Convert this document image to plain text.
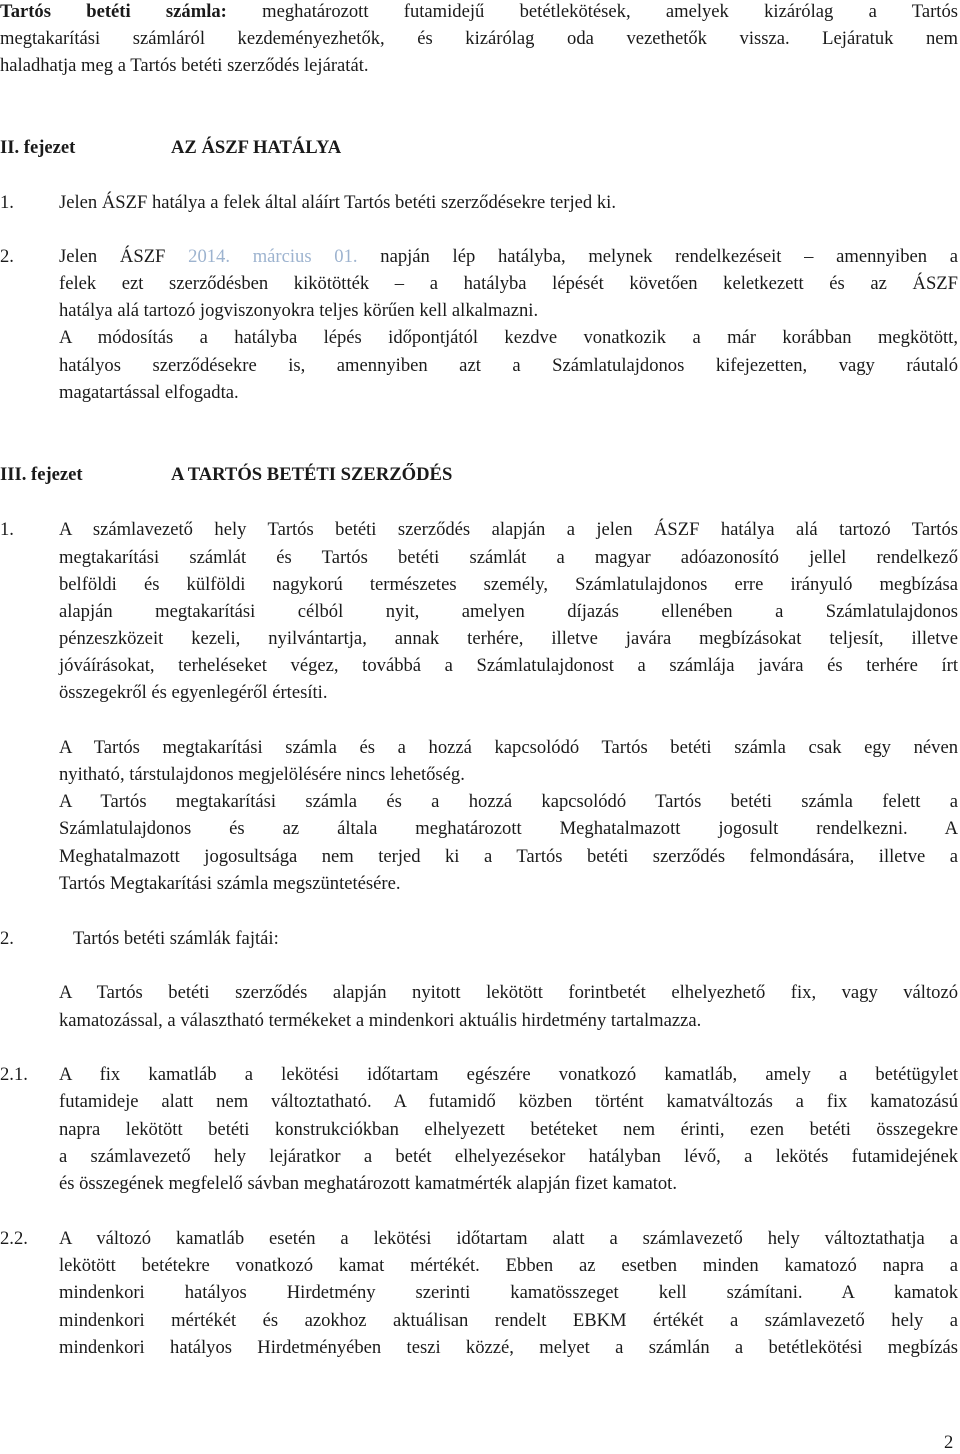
Tartós betéti számla: meghatározott futamidejű betétlekötések, amelyek kizárólag a Tartós
megtakarítási számláról kezdeményezhetők, és kizárólag oda vezethetők vissza. Lejáratuk nem
haladhatja meg a Tartós betéti szerződés lejáratát.
II. fejezet	AZ ÁSZF HATÁLYA
1. Jelen ÁSZF hatálya a felek által aláírt Tartós betéti szerződésekre terjed ki.
2. Jelen ÁSZF 2014. március 01. napján lép hatályba, melynek rendelkezéseit – amennyiben a
felek ezt szerződésben kikötötték – a hatályba lépését követően keletkezett és az ÁSZF
hatálya alá tartozó jogviszonyokra teljes körűen kell alkalmazni.
A módosítás a hatályba lépés időpontjától kezdve vonatkozik a már korábban megkötött,
hatályos szerződésekre is, amennyiben azt a Számlatulajdonos kifejezetten, vagy ráutaló
magatartással elfogadta.
III. fejezet	A TARTÓS BETÉTI SZERZŐDÉS
1. A számlavezető hely Tartós betéti szerződés alapján a jelen ÁSZF hatálya alá tartozó Tartós
megtakarítási számlát és Tartós betéti számlát a magyar adóazonosító jellel rendelkező
belföldi és külföldi nagykorú természetes személy, Számlatulajdonos erre irányuló megbízása
alapján megtakarítási célból nyit, amelyen díjazás ellenében a Számlatulajdonos
pénzeszközeit kezeli, nyilvántartja, annak terhére, illetve javára megbízásokat teljesít, illetve
jóváírásokat, terheléseket végez, továbbá a Számlatulajdonost a számlája javára és terhére írt
összegekről és egyenlegéről értesíti.
A Tartós megtakarítási számla és a hozzá kapcsolódó Tartós betéti számla csak egy néven
nyitható, társtulajdonos megjelölésére nincs lehetőség.
A Tartós megtakarítási számla és a hozzá kapcsolódó Tartós betéti számla felett a
Számlatulajdonos és az általa meghatározott Meghatalmazott jogosult rendelkezni. A
Meghatalmazott jogosultsága nem terjed ki a Tartós betéti szerződés felmondására, illetve a
Tartós Megtakarítási számla megszüntetésére.
2.	Tartós betéti számlák fajtái:
A Tartós betéti szerződés alapján nyitott lekötött forintbetét elhelyezhető fix, vagy változó
kamatozással, a választható termékeket a mindenkori aktuális hirdetmény tartalmazza.
2.1. A fix kamatláb a lekötési időtartam egészére vonatkozó kamatláb, amely a betétügylet
futamideje alatt nem változtatható. A futamidő közben történt kamatváltozás a fix kamatozású
napra lekötött betéti konstrukciókban elhelyezett betéteket nem érinti, ezen betéti összegekre
a számlavezető hely lejáratkor a betét elhelyezésekor hatályban lévő, a lekötés futamidejének
és összegének megfelelő sávban meghatározott kamatmérték alapján fizet kamatot.
2.2. A változó kamatláb esetén a lekötési időtartam alatt a számlavezető hely változtathatja a
lekötött betétekre vonatkozó kamat mértékét. Ebben az esetben minden kamatozó napra a
mindenkori hatályos Hirdetmény szerinti kamatösszeget kell számítani. A kamatok
mindenkori mértékét és azokhoz aktuálisan rendelt EBKM értékét a számlavezető hely a
mindenkori hatályos Hirdetményében teszi közzé, melyet a számlán a betétlekötési megbízás
2
